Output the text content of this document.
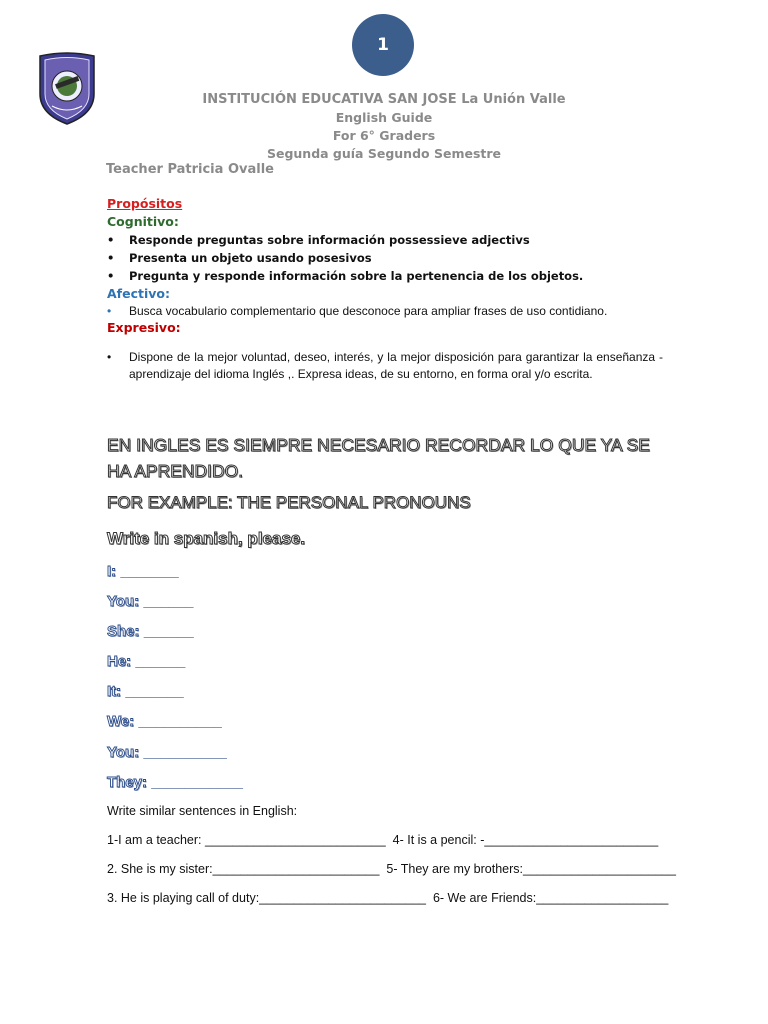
1
INSTITUCIÓN EDUCATIVA SAN JOSE La Unión Valle
English Guide
For 6° Graders
Segunda guía Segundo Semestre
Teacher Patricia Ovalle
Propósitos
Cognitivo:
• Responde preguntas sobre información possessieve adjectivs
• Presenta un objeto usando posesivos
• Pregunta y responde información sobre la pertenencia de los objetos.
Afectivo:
• Busca vocabulario complementario que desconoce para ampliar frases de uso contidiano.
Expresivo:
• Dispone de la mejor voluntad, deseo, interés, y la mejor disposición para garantizar la enseñanza -aprendizaje del idioma Inglés ,. Expresa ideas, de su entorno, en forma oral y/o escrita.
EN INGLES ES SIEMPRE NECESARIO RECORDAR LO QUE YA SE HA APRENDIDO.
FOR EXAMPLE: THE PERSONAL PRONOUNS
Write in spanish, please.
I: _______
You: ______
She: ______
He: ______
It: _______
We: __________
You: __________
They: ___________
Write similar sentences in English:
1-I am a teacher: __________________________  4- It is a pencil: -_________________________
2. She is my sister:________________________  5- They are my brothers:______________________
3. He is playing call of duty:________________________  6- We are Friends:___________________
